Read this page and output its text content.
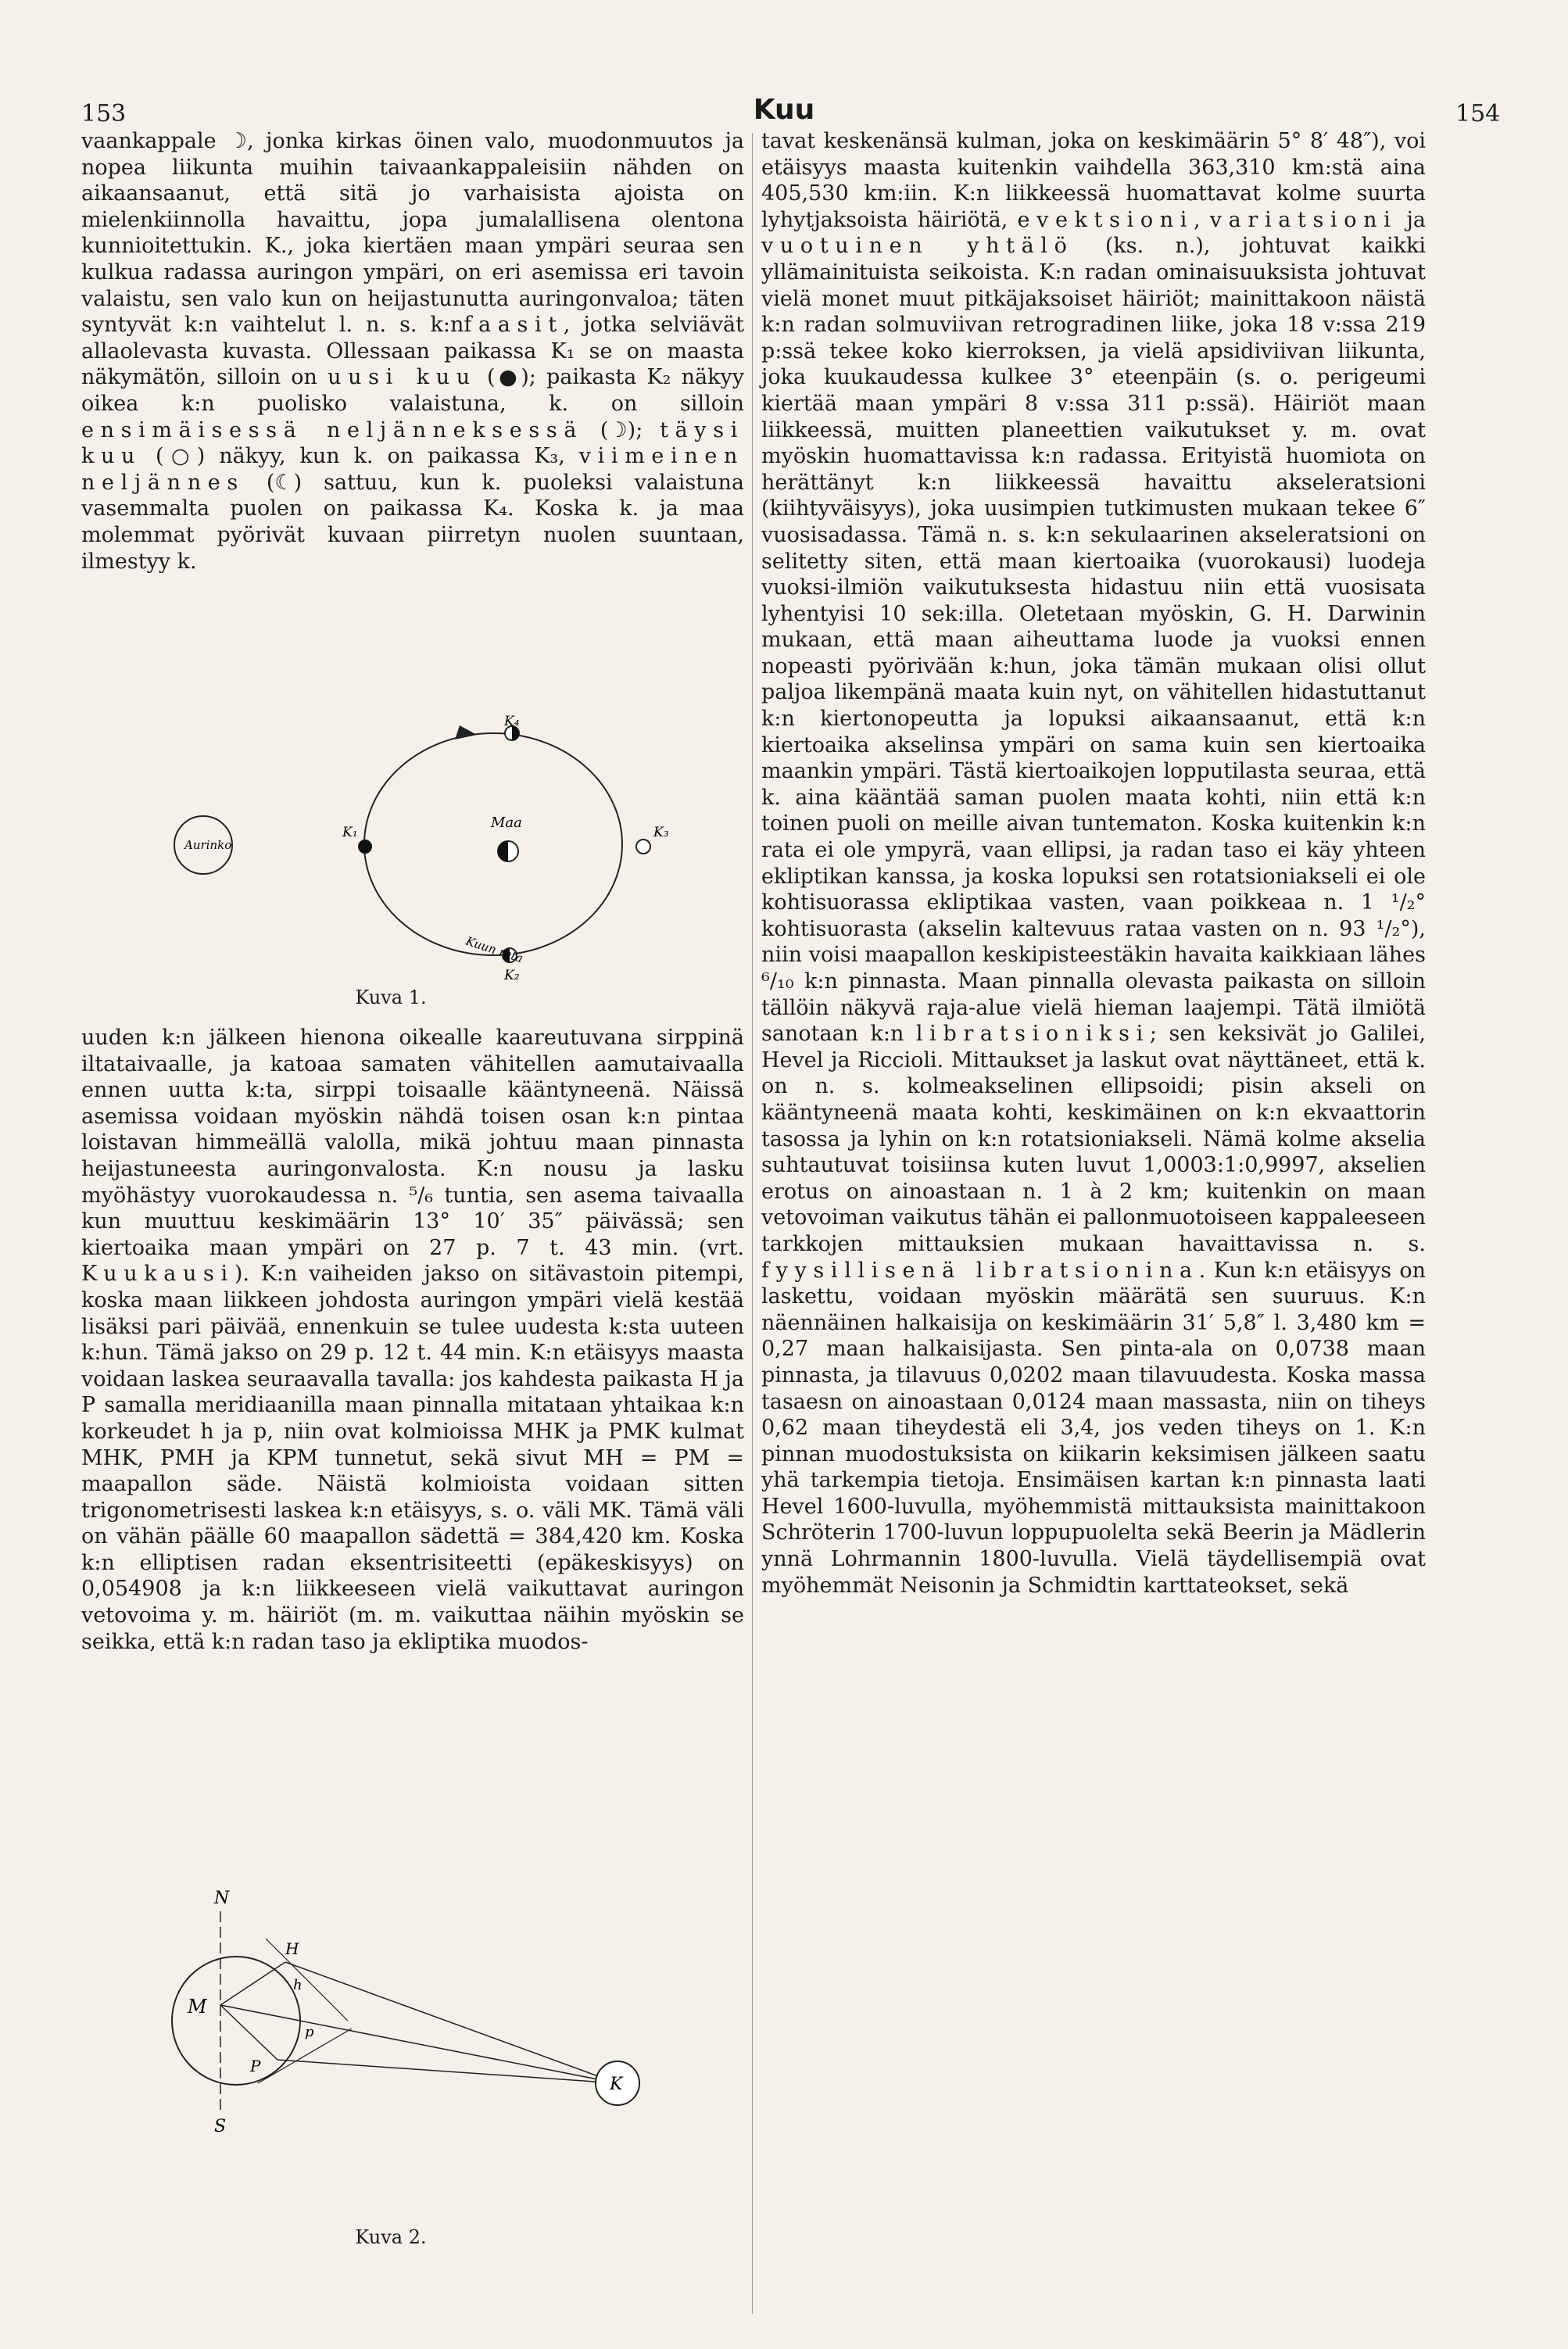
153	Kuu	154

vaankappale ☽, jonka kirkas öinen valo, muodonmuutos ja nopea liikunta muihin taivaankappaleisiin nähden on aikaansaanut, että sitä jo varhaisista ajoista on mielenkiinnolla havaittu, jopa jumalallisena olentona kunnioitettukin. K., joka kiertäen maan ympäri seuraa sen kulkua radassa auringon ympäri, on eri asemissa eri tavoin valaistu, sen valo kun on heijastunutta auringonvaloa; täten syntyvät k:n vaihtelut l. n. s. k:nfaasit, jotka selviävät allaolevasta kuvasta. Ollessaan paikassa K₁ se on maasta näkymätön, silloin on uusi kuu (●); paikasta K₂ näkyy oikea k:n puolisko valaistuna, k. on silloin ensimäisessä neljänneksessä (☽); täysi kuu (○) näkyy, kun k. on paikassa K₃, viimeinen neljännes (☾) sattuu, kun k. puoleksi valaistuna vasemmalta puolen on paikassa K₄. Koska k. ja maa molemmat pyörivät kuvaan piirretyn nuolen suuntaan, ilmestyy k.

Aurinko
Maa
Kuun rata
K₁
K₂
K₃
K₄
Kuva 1.

uuden k:n jälkeen hienona oikealle kaareutuvana sirppinä iltataivaalle, ja katoaa samaten vähitellen aamutaivaalla ennen uutta k:ta, sirppi toisaalle kääntyneenä. Näissä asemissa voidaan myöskin nähdä toisen osan k:n pintaa loistavan himmeällä valolla, mikä johtuu maan pinnasta heijastuneesta auringonvalosta. K:n nousu ja lasku myöhästyy vuorokaudessa n. ⁵/₆ tuntia, sen asema taivaalla kun muuttuu keskimäärin 13° 10′ 35″ päivässä; sen kiertoaika maan ympäri on 27 p. 7 t. 43 min. (vrt. Kuukausi). K:n vaiheiden jakso on sitävastoin pitempi, koska maan liikkeen johdosta auringon ympäri vielä kestää lisäksi pari päivää, ennenkuin se tulee uudesta k:sta uuteen k:hun. Tämä jakso on 29 p. 12 t. 44 min. K:n etäisyys maasta voidaan laskea seuraavalla tavalla: jos kahdesta paikasta H ja P samalla meridiaanilla maan pinnalla mitataan yhtaikaa k:n korkeudet h ja p, niin ovat kolmioissa MHK ja PMK kulmat MHK, PMH ja KPM tunnetut, sekä sivut MH = PM = maapallon säde. Näistä kolmioista voidaan sitten trigonometrisesti laskea k:n etäisyys, s. o. väli MK. Tämä väli on vähän päälle 60 maapallon sädettä = 384,420 km. Koska k:n elliptisen radan eksentrisiteetti (epäkeskisyys) on 0,054908 ja k:n liikkeeseen vielä vaikuttavat auringon vetovoima y. m. häiriöt (m. m. vaikuttaa näihin myöskin se seikka, että k:n radan taso ja ekliptika muodos-

N
S
M
H
P
h
p
K
Kuva 2.

tavat keskenänsä kulman, joka on keskimäärin 5° 8′ 48″), voi etäisyys maasta kuitenkin vaihdella 363,310 km:stä aina 405,530 km:iin. K:n liikkeessä huomattavat kolme suurta lyhytjaksoista häiriötä, evektsioni, variatsioni ja vuotuinen yhtälö (ks. n.), johtuvat kaikki yllämainituista seikoista. K:n radan ominaisuuksista johtuvat vielä monet muut pitkäjaksoiset häiriöt; mainittakoon näistä k:n radan solmuviivan retrogradinen liike, joka 18 v:ssa 219 p:ssä tekee koko kierroksen, ja vielä apsidiviivan liikunta, joka kuukaudessa kulkee 3° eteenpäin (s. o. perigeumi kiertää maan ympäri 8 v:ssa 311 p:ssä). Häiriöt maan liikkeessä, muitten planeettien vaikutukset y. m. ovat myöskin huomattavissa k:n radassa. Erityistä huomiota on herättänyt k:n liikkeessä havaittu akseleratsioni (kiihtyväisyys), joka uusimpien tutkimusten mukaan tekee 6″ vuosisadassa. Tämä n. s. k:n sekulaarinen akseleratsioni on selitetty siten, että maan kiertoaika (vuorokausi) luodeja vuoksi-ilmiön vaikutuksesta hidastuu niin että vuosisata lyhentyisi 10 sek:illa. Oletetaan myöskin, G. H. Darwinin mukaan, että maan aiheuttama luode ja vuoksi ennen nopeasti pyörivään k:hun, joka tämän mukaan olisi ollut paljoa likempänä maata kuin nyt, on vähitellen hidastuttanut k:n kiertonopeutta ja lopuksi aikaansaanut, että k:n kiertoaika akselinsa ympäri on sama kuin sen kiertoaika maankin ympäri. Tästä kiertoaikojen lopputilasta seuraa, että k. aina kääntää saman puolen maata kohti, niin että k:n toinen puoli on meille aivan tuntematon. Koska kuitenkin k:n rata ei ole ympyrä, vaan ellipsi, ja radan taso ei käy yhteen ekliptikan kanssa, ja koska lopuksi sen rotatsioniakseli ei ole kohtisuorassa ekliptikaa vasten, vaan poikkeaa n. 1 ¹/₂° kohtisuorasta (akselin kaltevuus rataa vasten on n. 93 ¹/₂°), niin voisi maapallon keskipisteestäkin havaita kaikkiaan lähes ⁶/₁₀ k:n pinnasta. Maan pinnalla olevasta paikasta on silloin tällöin näkyvä raja-alue vielä hieman laajempi. Tätä ilmiötä sanotaan k:n libratsioniksi; sen keksivät jo Galilei, Hevel ja Riccioli. Mittaukset ja laskut ovat näyttäneet, että k. on n. s. kolmeakselinen ellipsoidi; pisin akseli on kääntyneenä maata kohti, keskimäinen on k:n ekvaattorin tasossa ja lyhin on k:n rotatsioniakseli. Nämä kolme akselia suhtautuvat toisiinsa kuten luvut 1,0003:1:0,9997, akselien erotus on ainoastaan n. 1 à 2 km; kuitenkin on maan vetovoiman vaikutus tähän ei pallonmuotoiseen kappaleeseen tarkkojen mittauksien mukaan havaittavissa n. s. fyysillisenä libratsionina. Kun k:n etäisyys on laskettu, voidaan myöskin määrätä sen suuruus. K:n näennäinen halkaisija on keskimäärin 31′ 5,8″ l. 3,480 km = 0,27 maan halkaisijasta. Sen pinta-ala on 0,0738 maan pinnasta, ja tilavuus 0,0202 maan tilavuudesta. Koska massa tasaesn on ainoastaan 0,0124 maan massasta, niin on tiheys 0,62 maan tiheydestä eli 3,4, jos veden tiheys on 1. K:n pinnan muodostuksista on kiikarin keksimisen jälkeen saatu yhä tarkempia tietoja. Ensimäisen kartan k:n pinnasta laati Hevel 1600-luvulla, myöhemmistä mittauksista mainittakoon Schröterin 1700-luvun loppupuolelta sekä Beerin ja Mädlerin ynnä Lohrmannin 1800-luvulla. Vielä täydellisempiä ovat myöhemmät Neisonin ja Schmidtin karttateokset, sekä
